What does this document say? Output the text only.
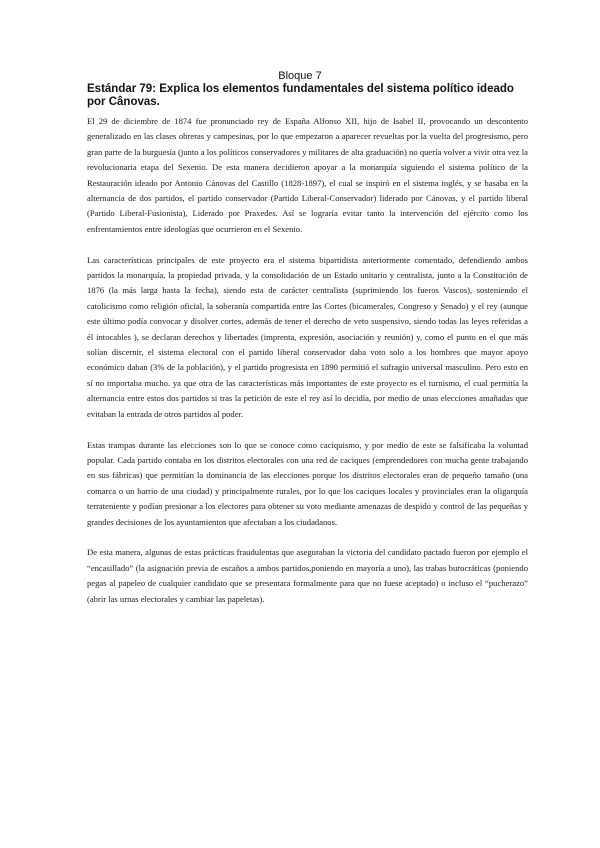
Bloque 7
Estándar 79: Explica los elementos fundamentales del sistema político ideado por Cânovas.

El 29 de diciembre de 1874 fue pronunciado rey de España Alfonso XII, hijo de Isabel II, provocando un descontento generalizado en las clases obreras y campesinas, por lo que empezaron a aparecer revueltas por la vuelta del progresismo, pero gran parte de la burguesía (junto a los políticos conservadores y militares de alta graduación) no quería volver a vivir otra vez la revolucionaria etapa del Sexenio. De esta manera decidieron apoyar a la monarquía siguiendo el sistema político de la Restauración ideado por Antonio Cánovas del Castillo (1828-1897), el cual se inspiró en el sistema inglés, y se basaba en la alternancia de dos partidos, el partido conservador (Partido Liberal-Conservador) liderado por Cánovas, y el partido liberal (Partido Liberal-Fusionista), Liderado por Praxedes. Así se lograría evitar tanto la intervención del ejército como los enfrentamientos entre ideologías que ocurrieron en el Sexenio.

Las características principales de este proyecto era el sistema bipartidista anteriormente comentado, defendiendo ambos partidos la monarquía, la propiedad privada, y la consolidación de un Estado unitario y centralista, junto a la Constitución de 1876 (la más larga hasta la fecha), siendo esta de carácter centralista (suprimiendo los fueros Vascos), sosteniendo el catolicismo como religión oficial, la soberanía compartida entre las Cortes (bicamerales, Congreso y Senado) y el rey (aunque este último podía convocar y disolver cortes, además de tener el derecho de veto suspensivo, siendo todas las leyes referidas a él intocables ), se declaran derechos y libertades (imprenta, expresión, asociación y reunión) y, como el punto en el que más solían discernir, el sistema electoral con el partido liberal conservador daba voto solo a los hombres que mayor apoyo económico daban (3% de la población), y el partido progresista en 1890 permitió el sufragio universal masculino. Pero esto en sí no importaba mucho. ya que otra de las características más importantes de este proyecto es el turnismo, el cual permitía la alternancia entre estos dos partidos si tras la petición de este el rey así lo decidía, por medio de unas elecciones amañadas que evitaban la entrada de otros partidos al poder.

Estas trampas durante las elecciones son lo que se conoce como caciquismo, y por medio de este se falsificaba la voluntad popular. Cada partido contaba en los distritos electorales con una red de caciques (emprendedores con mucha gente trabajando en sus fábricas) que permitían la dominancia de las elecciones porque los distritos electorales eran de pequeño tamaño (una comarca o un barrio de una ciudad) y principalmente rurales, por lo que los caciques locales y provinciales eran la oligarquía terrateniente y podían presionar a los electores para obtener su voto mediante amenazas de despido y control de las pequeñas y grandes decisiones de los ayuntamientos que afectaban a los ciudadanos.

De esta manera, algunas de estas prácticas fraudulentas que aseguraban la victoria del candidato pactado fueron por ejemplo el “encasillado” (la asignación previa de escaños a ambos partidos,poniendo en mayoría a uno), las trabas burocráticas (poniendo pegas al papeleo de cualquier candidato que se presentara formalmente para que no fuese aceptado) o incluso el “pucherazo” (abrir las urnas electorales y cambiar las papeletas).
